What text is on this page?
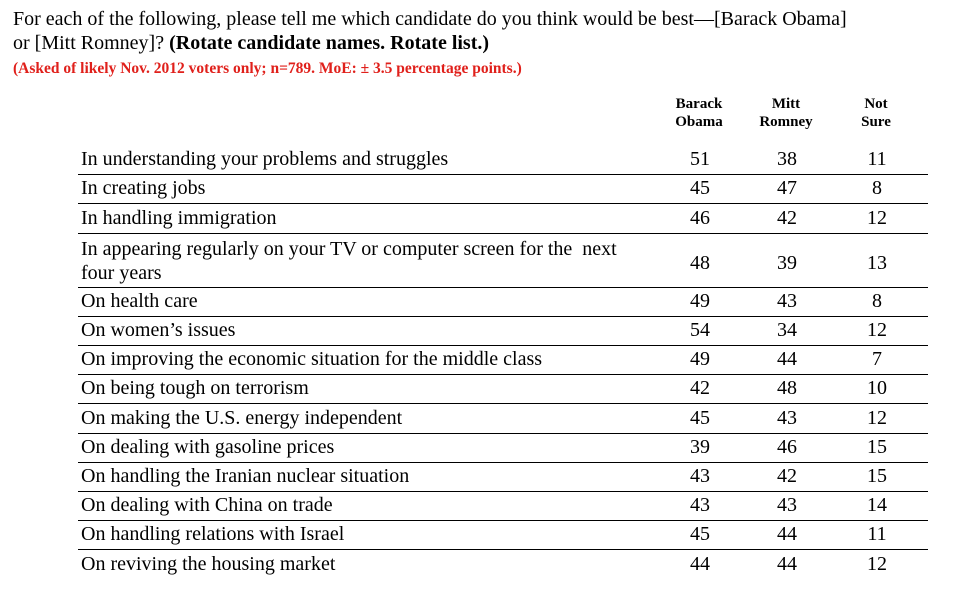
For each of the following, please tell me which candidate do you think would be best—[Barack Obama]
or [Mitt Romney]? (Rotate candidate names. Rotate list.)
(Asked of likely Nov. 2012 voters only; n=789. MoE: ± 3.5 percentage points.)
Barack
Obama
Mitt
Romney
Not
Sure
In understanding your problems and struggles	51	38	11
In creating jobs	45	47	8
In handling immigration	46	42	12
In appearing regularly on your TV or computer screen for the  next four years	48	39	13
On health care	49	43	8
On women’s issues	54	34	12
On improving the economic situation for the middle class	49	44	7
On being tough on terrorism	42	48	10
On making the U.S. energy independent	45	43	12
On dealing with gasoline prices	39	46	15
On handling the Iranian nuclear situation	43	42	15
On dealing with China on trade	43	43	14
On handling relations with Israel	45	44	11
On reviving the housing market	44	44	12
